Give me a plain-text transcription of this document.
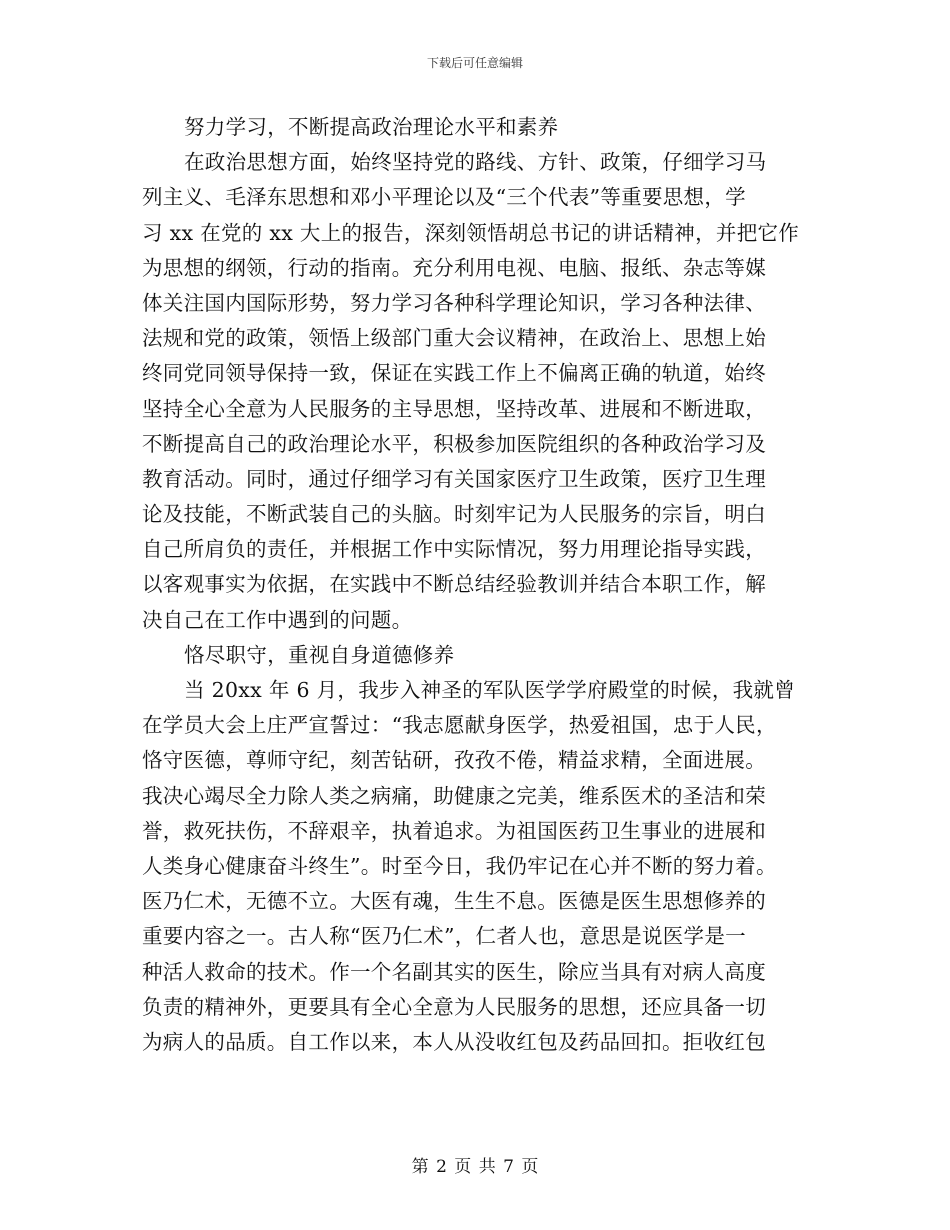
下载后可任意编辑
努力学习，不断提高政治理论水平和素养
在政治思想方面，始终坚持党的路线、方针、政策，仔细学习马
列主义、毛泽东思想和邓小平理论以及“三个代表”等重要思想，学
习 xx 在党的 xx 大上的报告，深刻领悟胡总书记的讲话精神，并把它作
为思想的纲领，行动的指南。充分利用电视、电脑、报纸、杂志等媒
体关注国内国际形势，努力学习各种科学理论知识，学习各种法律、
法规和党的政策，领悟上级部门重大会议精神，在政治上、思想上始
终同党同领导保持一致，保证在实践工作上不偏离正确的轨道，始终
坚持全心全意为人民服务的主导思想，坚持改革、进展和不断进取，
不断提高自己的政治理论水平，积极参加医院组织的各种政治学习及
教育活动。同时，通过仔细学习有关国家医疗卫生政策，医疗卫生理
论及技能，不断武装自己的头脑。时刻牢记为人民服务的宗旨，明白
自己所肩负的责任，并根据工作中实际情况，努力用理论指导实践，
以客观事实为依据，在实践中不断总结经验教训并结合本职工作，解
决自己在工作中遇到的问题。
恪尽职守，重视自身道德修养
当 20xx 年 6 月，我步入神圣的军队医学学府殿堂的时候，我就曾
在学员大会上庄严宣誓过：“我志愿献身医学，热爱祖国，忠于人民，
恪守医德，尊师守纪，刻苦钻研，孜孜不倦，精益求精，全面进展。
我决心竭尽全力除人类之病痛，助健康之完美，维系医术的圣洁和荣
誉，救死扶伤，不辞艰辛，执着追求。为祖国医药卫生事业的进展和
人类身心健康奋斗终生”。时至今日，我仍牢记在心并不断的努力着。
医乃仁术，无德不立。大医有魂，生生不息。医德是医生思想修养的
重要内容之一。古人称“医乃仁术”，仁者人也，意思是说医学是一
种活人救命的技术。作一个名副其实的医生，除应当具有对病人高度
负责的精神外，更要具有全心全意为人民服务的思想，还应具备一切
为病人的品质。自工作以来，本人从没收红包及药品回扣。拒收红包
第 2 页 共 7 页
